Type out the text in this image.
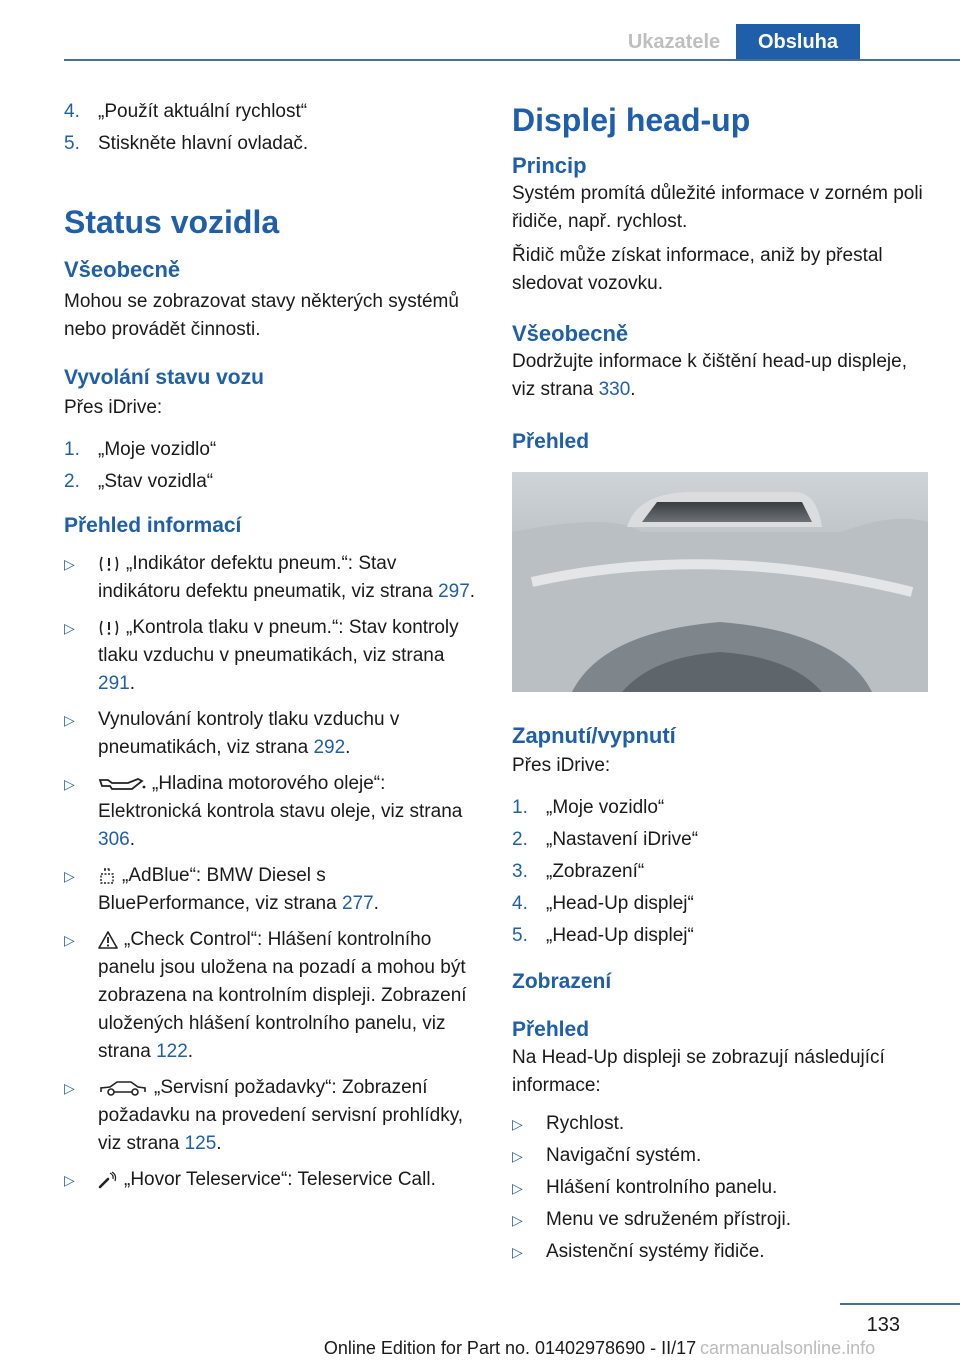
Ukazatele	Obsluha
4. „Použít aktuální rychlost“
5. Stiskněte hlavní ovladač.
Status vozidla
Všeobecně

Mohou se zobrazovat stavy některých systémů nebo provádět činnosti.

Vyvolání stavu vozu

Přes iDrive:

1. „Moje vozidlo“
2. „Stav vozidla“
Přehled informací
▷	„Indikátor defektu pneum.“: Stav indikátoru defektu pneumatik, viz strana 297.
▷	„Kontrola tlaku v pneum.“: Stav kontroly tlaku vzduchu v pneumatikách, viz strana 291.
▷	Vynulování kontroly tlaku vzduchu v pneumatikách, viz strana 292.
▷	„Hladina motorového oleje“: Elektronická kontrola stavu oleje, viz strana 306.
▷	„AdBlue“: BMW Diesel s BluePerformance, viz strana 277.
▷	„Check Control“: Hlášení kontrolního panelu jsou uložena na pozadí a mohou být zobrazena na kontrolním displeji. Zobrazení uložených hlášení kontrolního panelu, viz strana 122.
▷	„Servisní požadavky“: Zobrazení požadavku na provedení servisní prohlídky, viz strana 125.
▷	„Hovor Teleservice“: Teleservice Call.
Displej head-up
Princip

Systém promítá důležité informace v zorném poli řidiče, např. rychlost.

Řidič může získat informace, aniž by přestal sledovat vozovku.

Všeobecně

Dodržujte informace k čištění head-up displeje, viz strana 330.

Přehled
Zapnutí/vypnutí

Přes iDrive:

1. „Moje vozidlo“
2. „Nastavení iDrive“
3. „Zobrazení“
4. „Head-Up displej“
5. „Head-Up displej“
Zobrazení
Přehled

Na Head-Up displeji se zobrazují následující informace:

▷	Rychlost.
▷	Navigační systém.
▷	Hlášení kontrolního panelu.
▷	Menu ve sdruženém přístroji.
▷	Asistenční systémy řidiče.
133
Online Edition for Part no. 01402978690 - II/17 carmanualsonline.info
